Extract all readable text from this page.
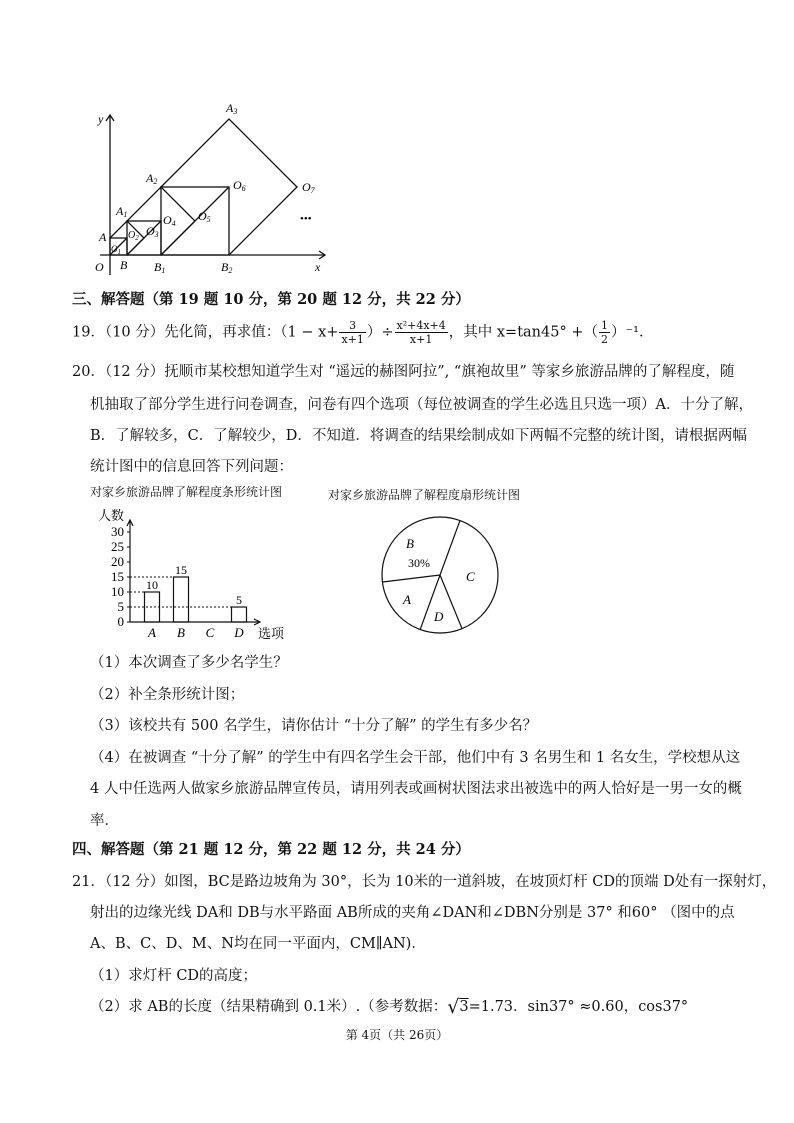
•••
x
y
O
A
A1
A2
A3
B B1	B2
$O_1$
$O_2$ O3
O4
O5
O6	O7
三、解答题（第 19 题 10 分，第 20 题 12 分，共 22 分）
19．（10 分）先化简，再求值：（$1 - x+ \frac{3}{x+1}$ ）÷ $\frac{\text{x²+4x+4}}{x+1}$ ，其中 x=tan45° +（ $\frac{1}{2} )^{-1}$．
20．（12 分）抚顺市某校想知道学生对 “遥远的赫图阿拉”, “旗袍故里” 等家乡旅游品牌的了解程度，随
机抽取了部分学生进行问卷调查，问卷有四个选项（每位被调查的学生必选且只选一项）A．十分了解，
B．了解较多，C．了解较少，D．不知道．将调查的结果绘制成如下两幅不完整的统计图，请根据两幅
统计图中的信息回答下列问题：
对家乡旅游品牌了解程度条形统计图
0
5
10
15
20
25
30
人数
选项
A
10
B
15
C D
5
对家乡旅游品牌了解程度扇形统计图
B
30%
C
D
A
（1）本次调查了多少名学生？
（2）补全条形统计图；
（3）该校共有 500 名学生，请你估计 “十分了解” 的学生有多少名？
（4）在被调查 “十分了解” 的学生中有四名学生会干部，他们中有 3 名男生和 1 名女生，学校想从这
4 人中任选两人做家乡旅游品牌宣传员，请用列表或画树状图法求出被选中的两人恰好是一男一女的概
率．
四、解答题（第 21 题 12 分，第 22 题 12 分，共 24 分）
21．（12 分）如图，BC是路边坡角为 30°，长为 10米的一道斜坡，在坡顶灯杆 CD的顶端 D处有一探射灯，
射出的边缘光线 DA和 DB与水平路面 AB所成的夹角∠DAN和∠DBN分别是 37° 和60° （图中的点
A、B、C、D、M、N均在同一平面内，CM∥AN)．
（1）求灯杆 CD的高度；
（2）求 AB的长度（结果精确到 0.1米）.（参考数据：√3=1.73．sin37° ≈0.60，cos37°
第 4页（共 26页）
